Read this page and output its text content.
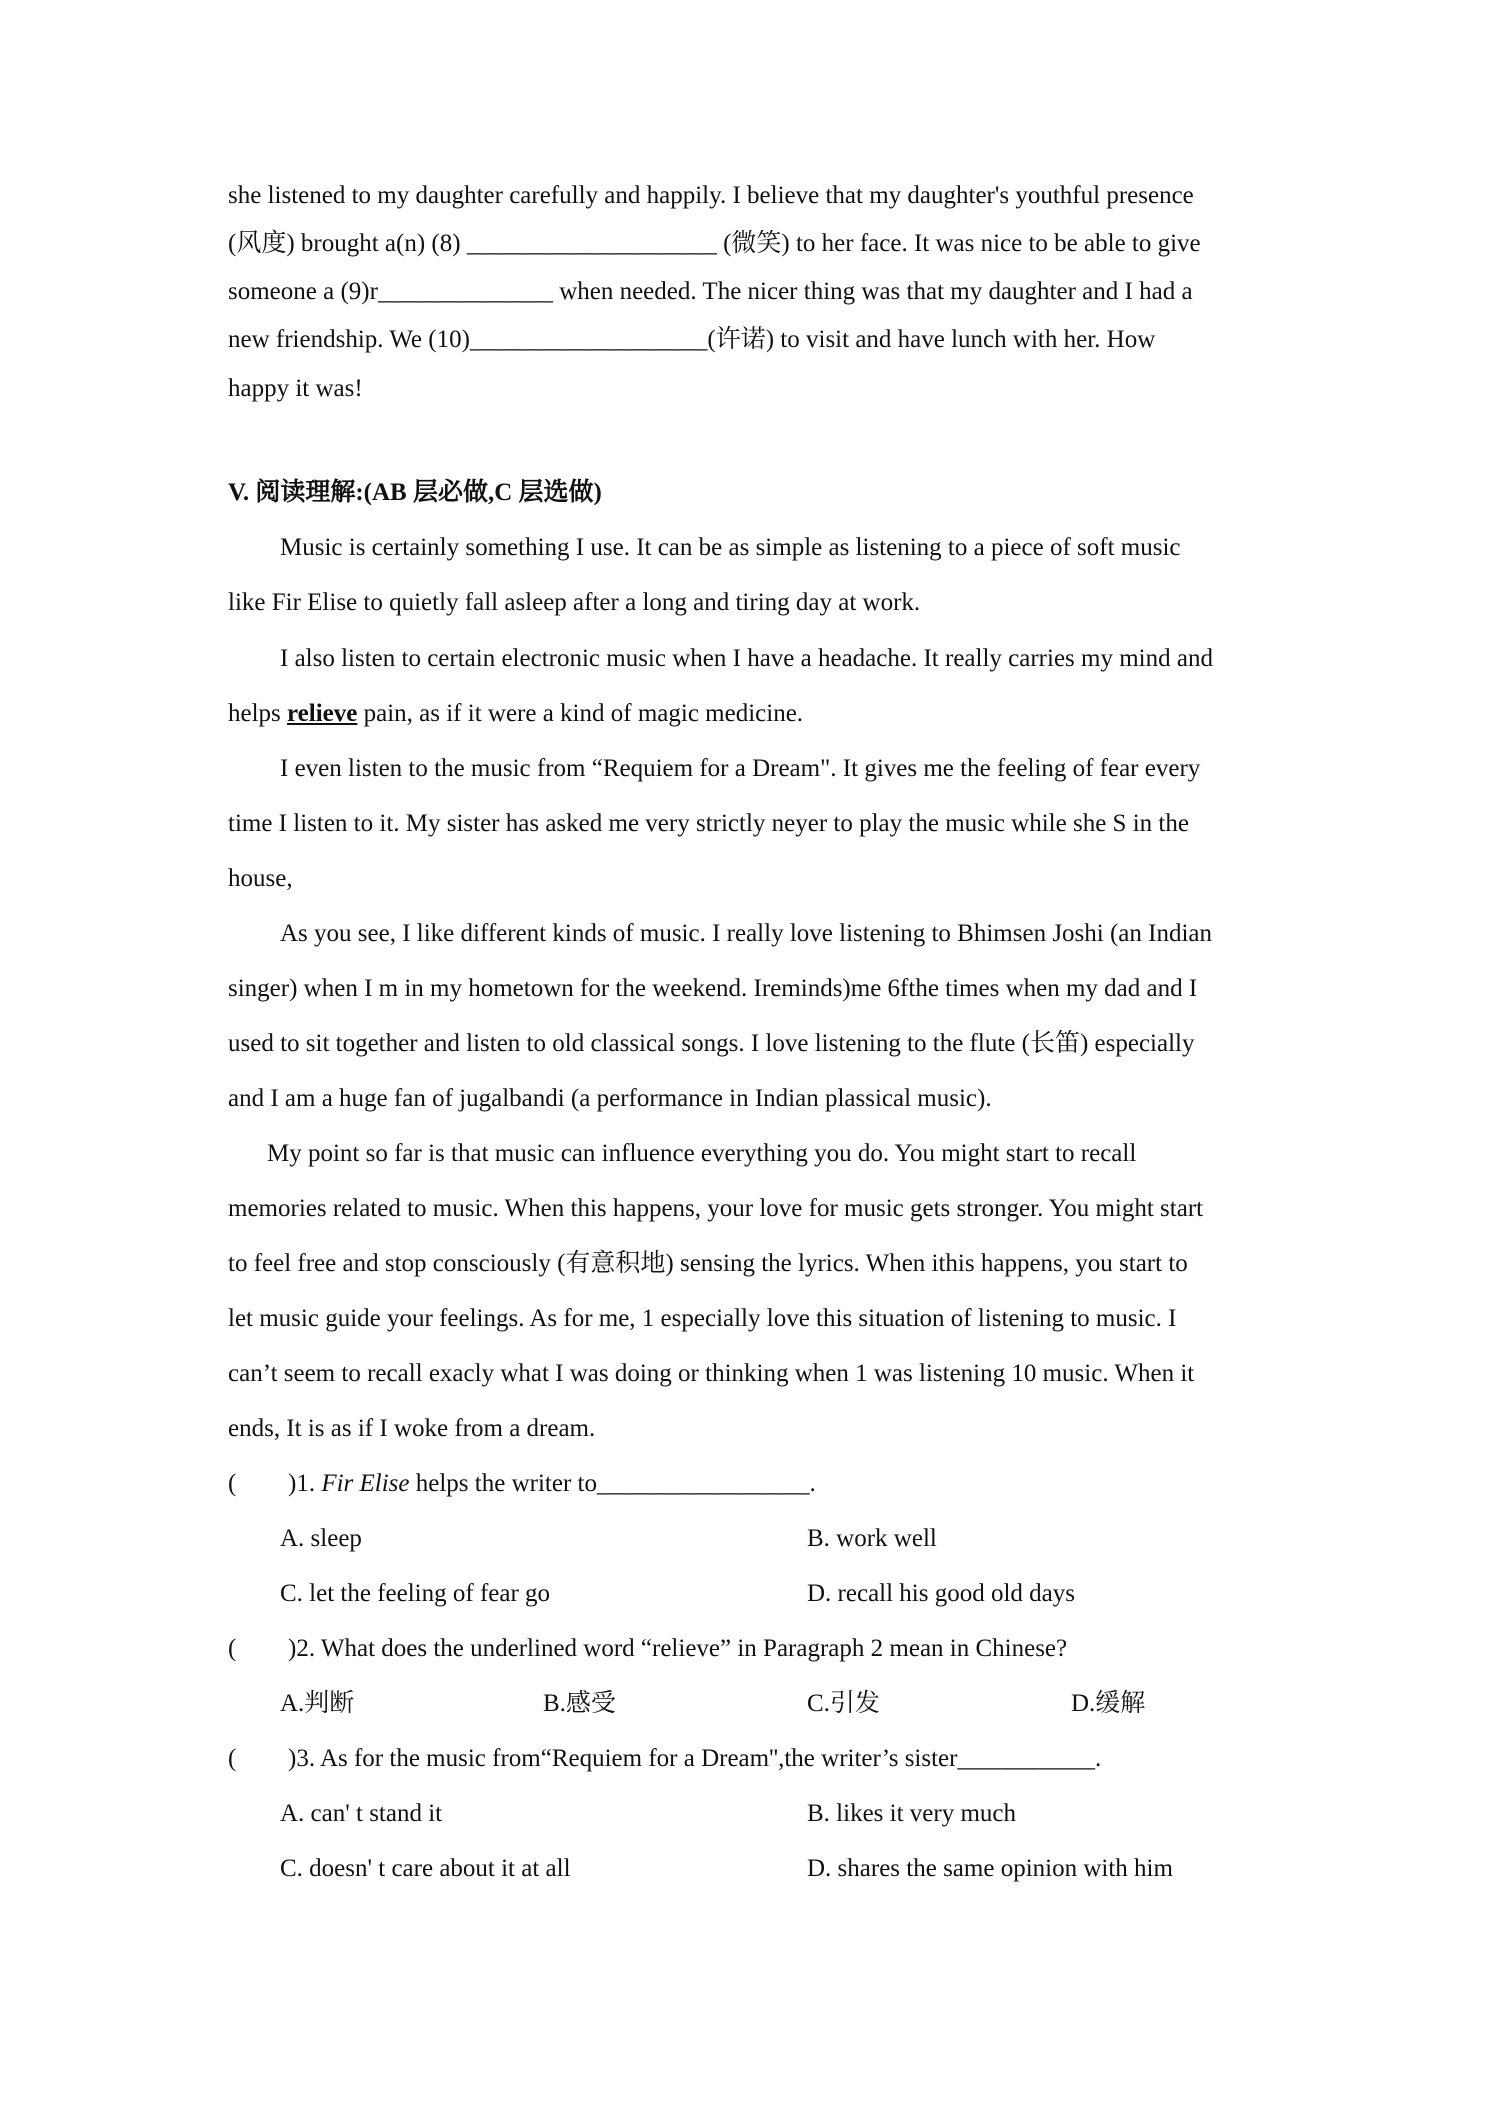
she listened to my daughter carefully and happily. I believe that my daughter's youthful presence
(风度) brought a(n) (8) ____________________ (微笑) to her face. It was nice to be able to give
someone a (9)r______________ when needed. The nicer thing was that my daughter and I had a
new friendship. We (10)___________________(许诺) to visit and have lunch with her. How
happy it was!
V. 阅读理解:(AB 层必做,C 层选做)
Music is certainly something I use. It can be as simple as listening to a piece of soft music
like Fir Elise to quietly fall asleep after a long and tiring day at work.
I also listen to certain electronic music when I have a headache. It really carries my mind and
helps relieve pain, as if it were a kind of magic medicine.
I even listen to the music from “Requiem for a Dream". It gives me the feeling of fear every
time I listen to it. My sister has asked me very strictly neyer to play the music while she S in the
house,
As you see, I like different kinds of music. I really love listening to Bhimsen Joshi (an Indian
singer) when I m in my hometown for the weekend. Ireminds)me 6fthe times when my dad and I
used to sit together and listen to old classical songs. I love listening to the flute (长笛) especially
and I am a huge fan of jugalbandi (a performance in Indian plassical music).
My point so far is that music can influence everything you do. You might start to recall
memories related to music. When this happens, your love for music gets stronger. You might start
to feel free and stop consciously (有意积地) sensing the lyrics. When ithis happens, you start to
let music guide your feelings. As for me, 1 especially love this situation of listening to music. I
can’t seem to recall exacly what I was doing or thinking when 1 was listening 10 music. When it
ends, It is as if I woke from a dream.
( )1. Fir Elise helps the writer to_________________.
A. sleep	B. work well
C. let the feeling of fear go	D. recall his good old days
( )2. What does the underlined word “relieve” in Paragraph 2 mean in Chinese?
A.判断	B.感受	C.引发	D.缓解
( )3. As for the music from“Requiem for a Dream'',the writer’s sister___________.
A. can' t stand it	B. likes it very much
C. doesn' t care about it at all	D. shares the same opinion with him
